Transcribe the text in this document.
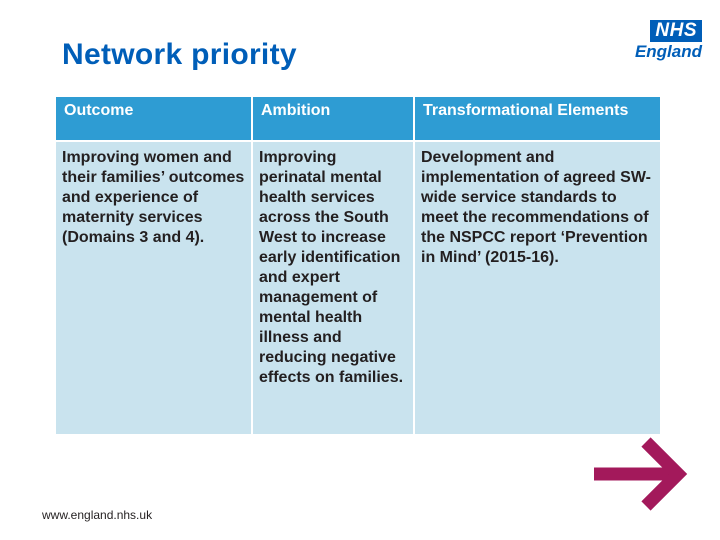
Network priority
NHS
England
Outcome	Ambition	Transformational Elements
Improving women and their families’ outcomes and experience of maternity services (Domains 3 and 4).
Improving perinatal mental health services across the South West to increase early identification and expert management of mental health illness and reducing negative effects on families.
Development and implementation of agreed SW-wide service standards to meet the recommendations of the NSPCC report ‘Prevention in Mind’ (2015-16).
www.england.nhs.uk
